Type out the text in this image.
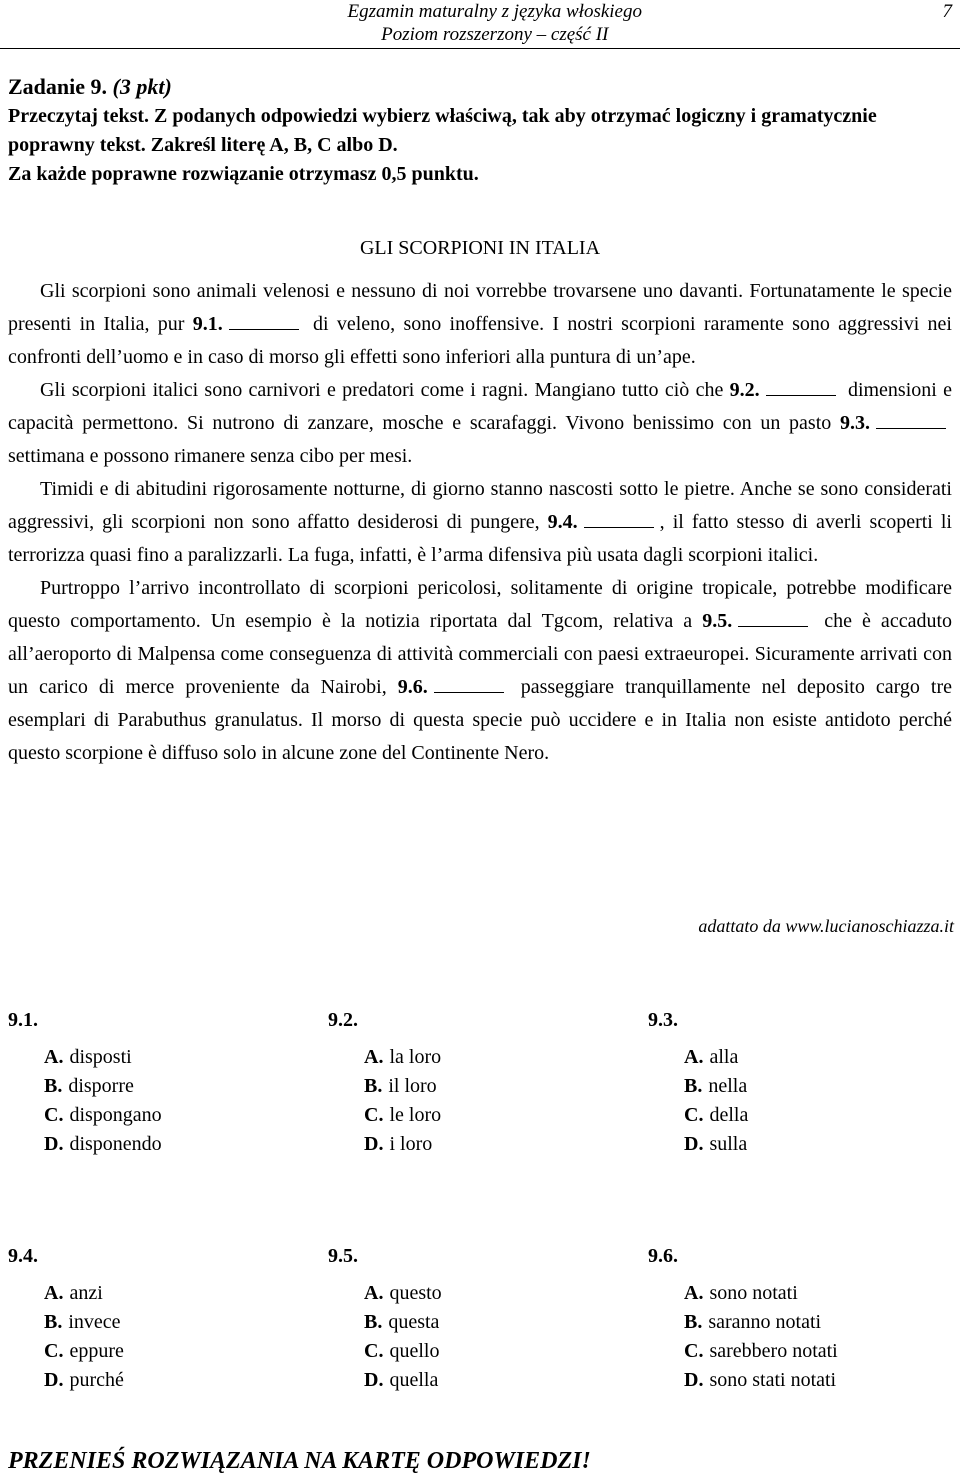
Egzamin maturalny z języka włoskiego
Poziom rozszerzony – część II
7
Zadanie 9. (3 pkt)
Przeczytaj tekst. Z podanych odpowiedzi wybierz właściwą, tak aby otrzymać logiczny i gramatycznie poprawny tekst. Zakreśl literę A, B, C albo D.
Za każde poprawne rozwiązanie otrzymasz 0,5 punktu.
GLI SCORPIONI IN ITALIA

Gli scorpioni sono animali velenosi e nessuno di noi vorrebbe trovarsene uno davanti. Fortunatamente le specie presenti in Italia, pur 9.1.	di veleno, sono inoffensive. I nostri scorpioni raramente sono aggressivi nei confronti dell’uomo e in caso di morso gli effetti sono inferiori alla puntura di un’ape.

Gli scorpioni italici sono carnivori e predatori come i ragni. Mangiano tutto ciò che 9.2.	dimensioni e capacità permettono. Si nutrono di zanzare, mosche e scarafaggi. Vivono benissimo con un pasto 9.3. settimana e possono rimanere senza cibo per mesi.

Timidi e di abitudini rigorosamente notturne, di giorno stanno nascosti sotto le pietre. Anche se sono considerati aggressivi, gli scorpioni non sono affatto desiderosi di pungere, 9.4.	, il fatto stesso di averli scoperti li terrorizza quasi fino a paralizzarli. La fuga, infatti, è l’arma difensiva più usata dagli scorpioni italici.

Purtroppo l’arrivo incontrollato di scorpioni pericolosi, solitamente di origine tropicale, potrebbe modificare questo comportamento. Un esempio è la notizia riportata dal Tgcom, relativa a 9.5.	che è accaduto all’aeroporto di Malpensa come conseguenza di attività commerciali con paesi extraeuropei. Sicuramente arrivati con un carico di merce proveniente da Nairobi, 9.6.	passeggiare tranquillamente nel deposito cargo tre esemplari di Parabuthus granulatus. Il morso di questa specie può uccidere e in Italia non esiste antidoto perché questo scorpione è diffuso solo in alcune zone del Continente Nero.

adattato da www.lucianoschiazza.it
9.1.
A. disposti
B. disporre
C. dispongano
D. disponendo
9.2.
A. la loro
B. il loro
C. le loro
D. i loro
9.3.
A. alla
B. nella
C. della
D. sulla
9.4.
A. anzi
B. invece
C. eppure
D. purché
9.5.
A. questo
B. questa
C. quello
D. quella
9.6.
A. sono notati
B. saranno notati
C. sarebbero notati
D. sono stati notati
PRZENIEŚ ROZWIĄZANIA NA KARTĘ ODPOWIEDZI!
